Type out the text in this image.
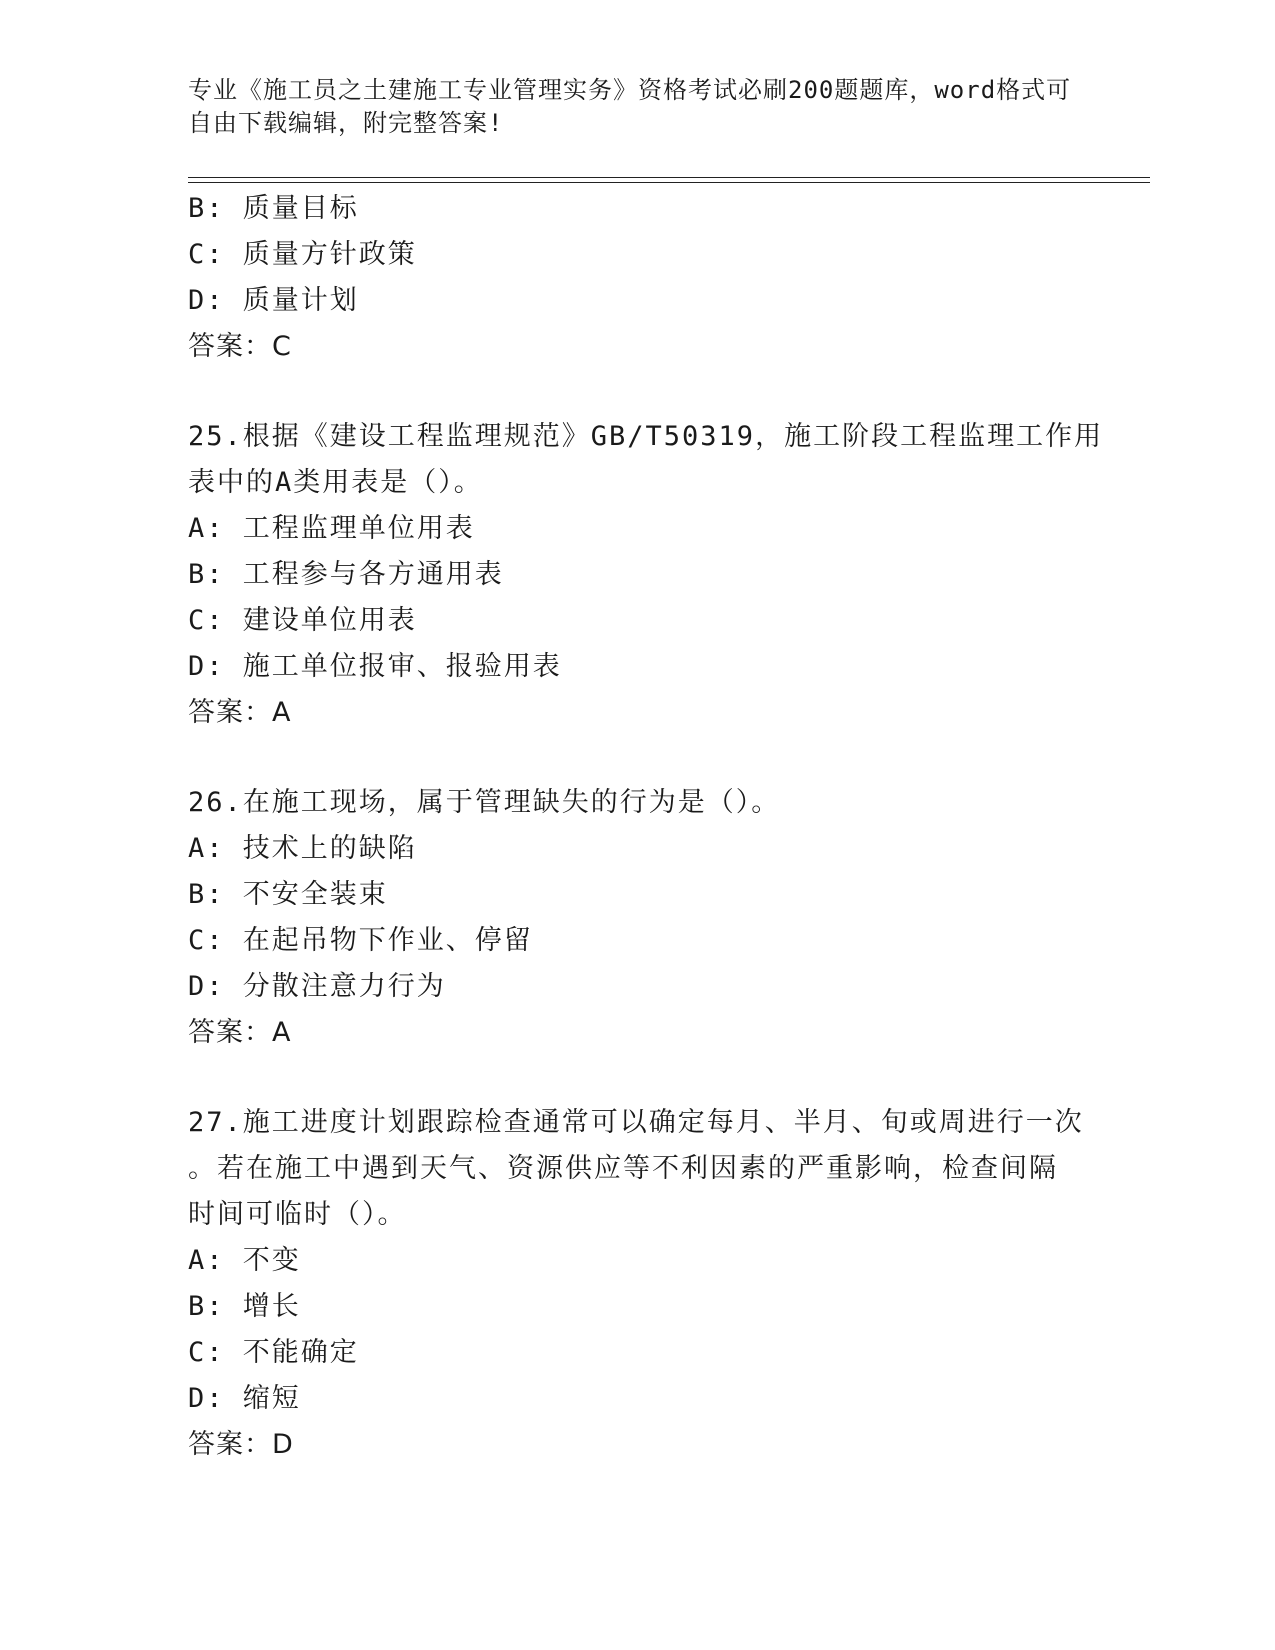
专业《施工员之土建施工专业管理实务》资格考试必刷200题题库，word格式可
自由下载编辑，附完整答案!
B: 质量目标
C: 质量方针政策
D: 质量计划
答案：C
25.根据《建设工程监理规范》GB/T50319，施工阶段工程监理工作用
表中的A类用表是（）。
A: 工程监理单位用表
B: 工程参与各方通用表
C: 建设单位用表
D: 施工单位报审、报验用表
答案：A
26.在施工现场，属于管理缺失的行为是（）。
A: 技术上的缺陷
B: 不安全装束
C: 在起吊物下作业、停留
D: 分散注意力行为
答案：A
27.施工进度计划跟踪检查通常可以确定每月、半月、旬或周进行一次
。若在施工中遇到天气、资源供应等不利因素的严重影响，检查间隔
时间可临时（）。
A: 不变
B: 增长
C: 不能确定
D: 缩短
答案：D
